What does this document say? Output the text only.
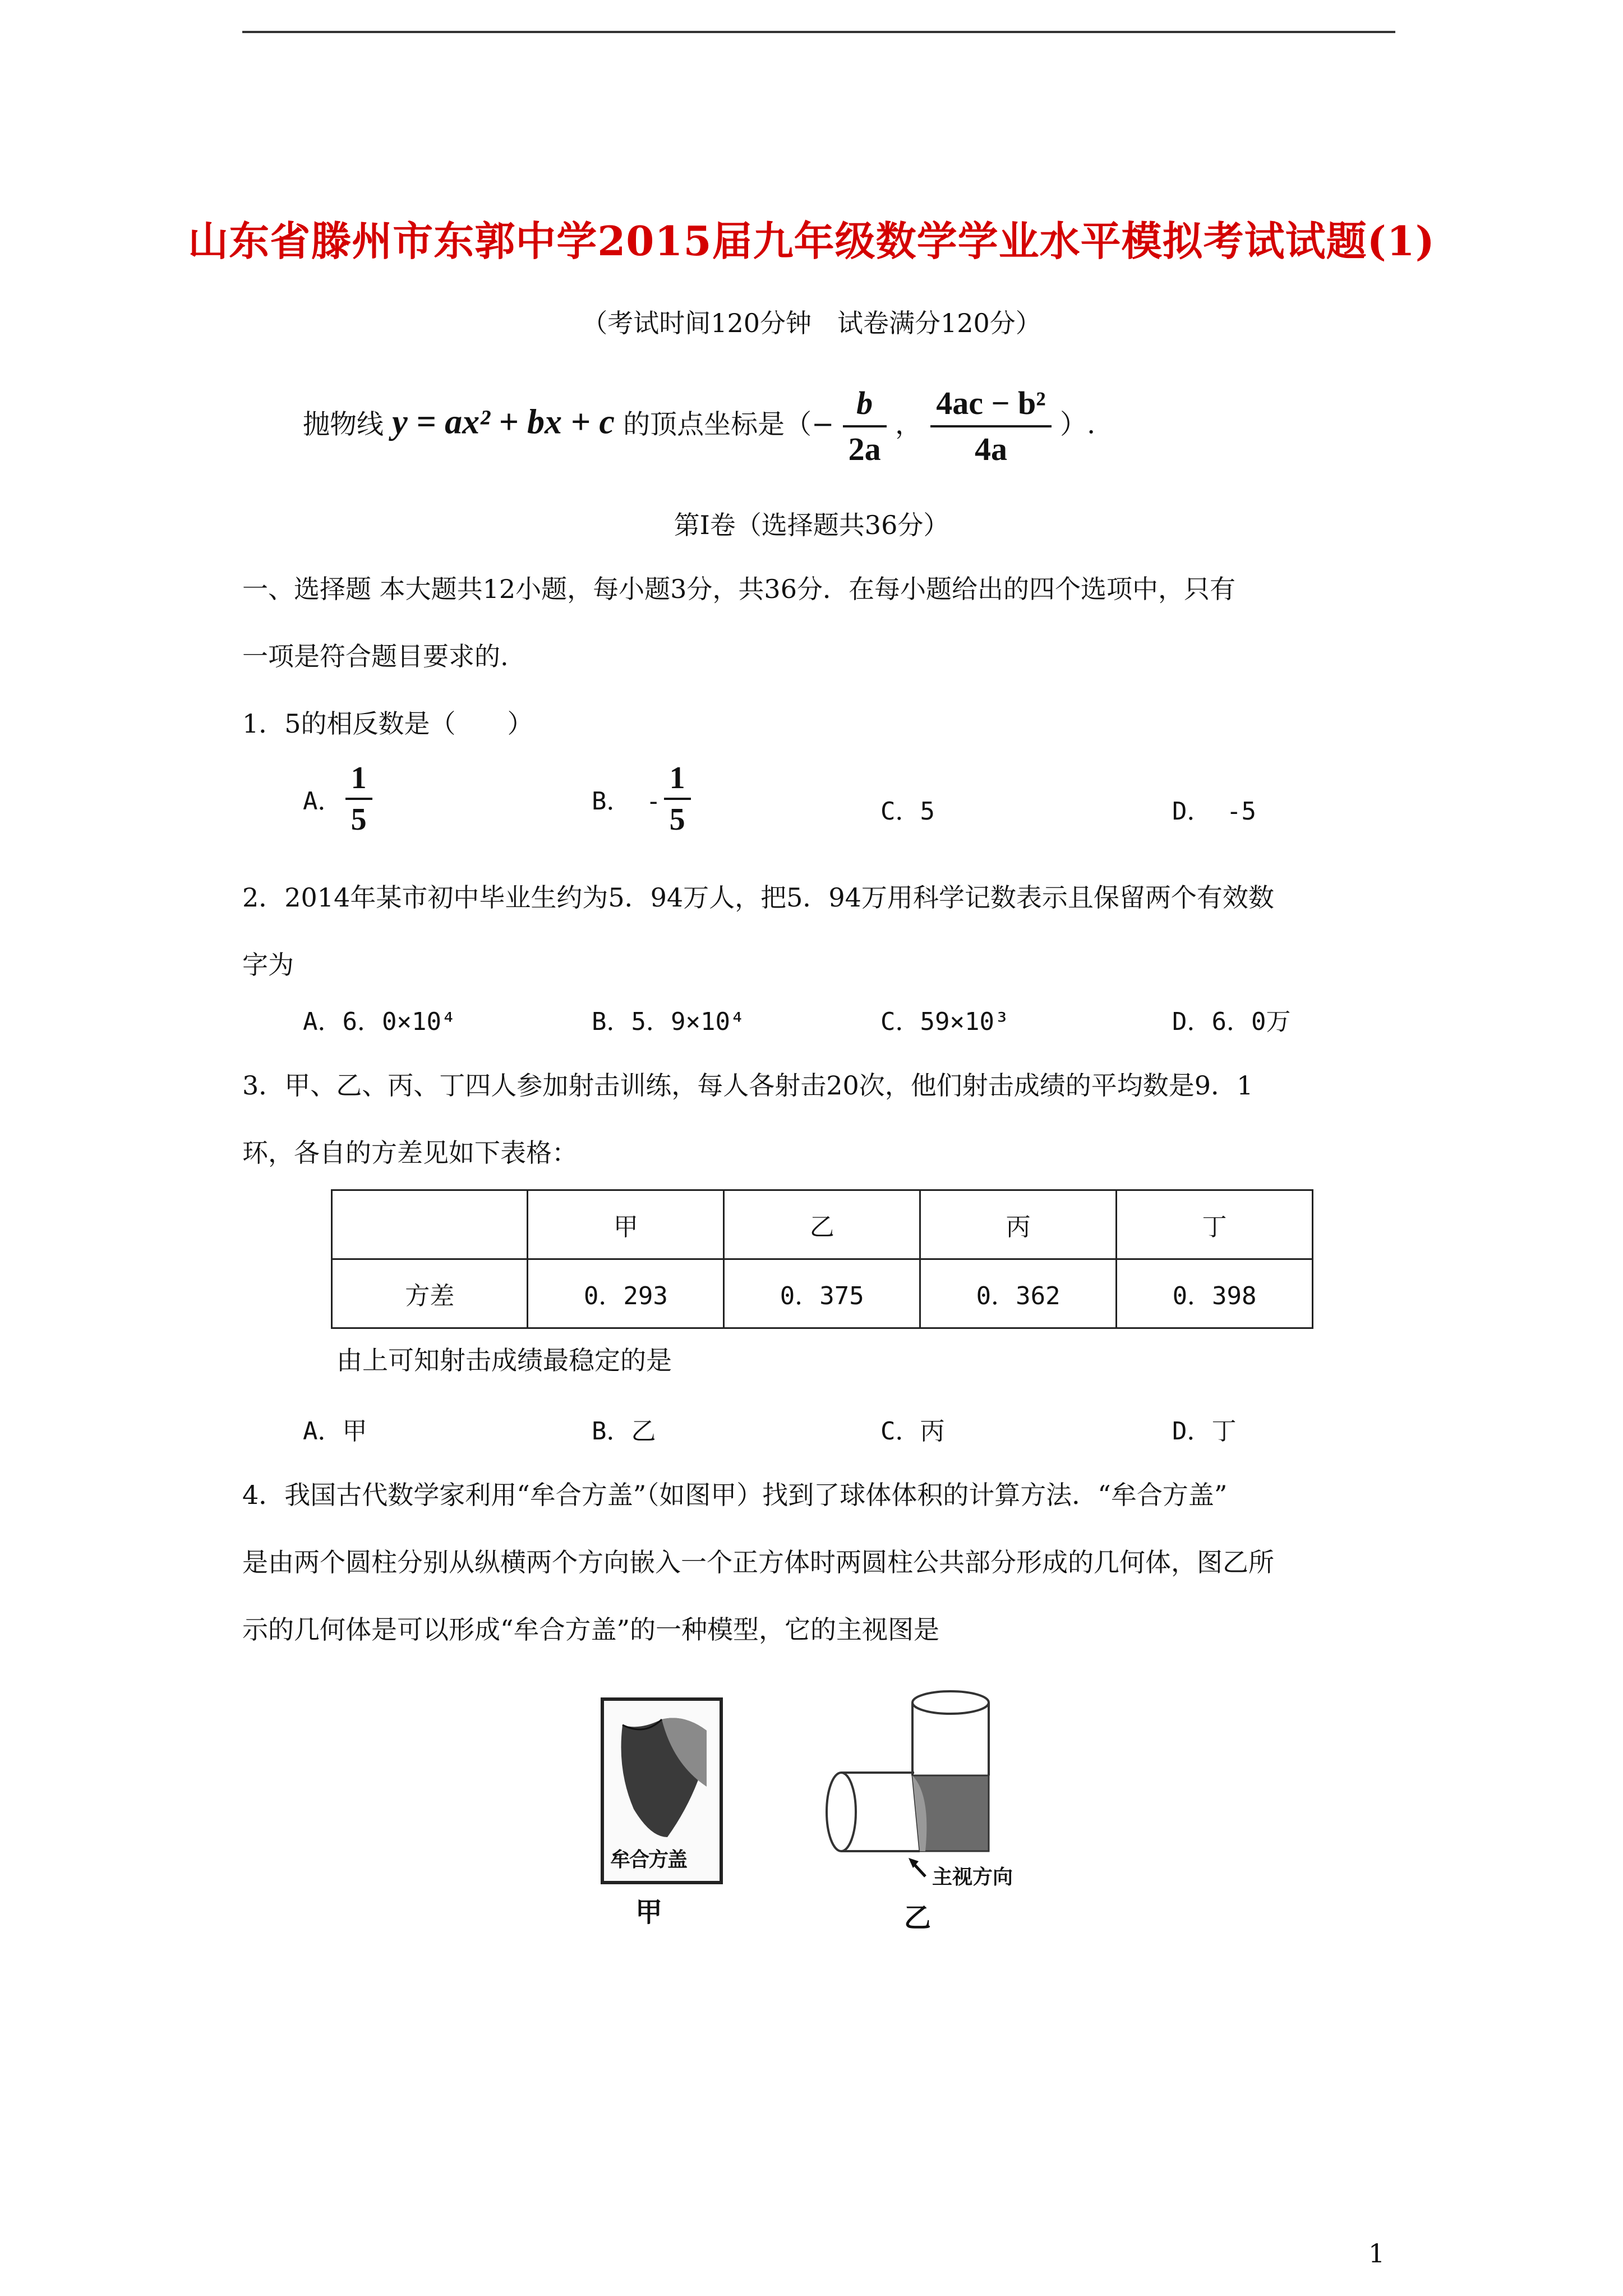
山东省滕州市东郭中学2015届九年级数学学业水平模拟考试试题(1)
（考试时间120分钟　试卷满分120分）
抛物线 y = ax² + bx + c 的顶点坐标是（− $\frac{b}{2a}$ ， $\frac{\text{4ac − b²}}{4a}$ ）.
第Ⅰ卷（选择题共36分）
一、选择题 本大题共12小题，每小题3分，共36分．在每小题给出的四个选项中，只有
一项是符合题目要求的.
1．5的相反数是（　　）
A． $\frac{1}{5}$	B． - $\frac{1}{5}$	C．5	D． -5
2．2014年某市初中毕业生约为5．94万人，把5．94万用科学记数表示且保留两个有效数
字为
A．6．0×10⁴	B．5．9×10⁴	C．59×10³	D．6．0万
3．甲、乙、丙、丁四人参加射击训练，每人各射击20次，他们射击成绩的平均数是9．1
环，各自的方差见如下表格：
	甲	乙	丙	丁
方差	0．293	0．375	0．362	0．398
由上可知射击成绩最稳定的是
A．甲	B．乙	C．丙	D．丁
4．我国古代数学家利用“牟合方盖”（如图甲）找到了球体体积的计算方法．“牟合方盖”
是由两个圆柱分别从纵横两个方向嵌入一个正方体时两圆柱公共部分形成的几何体，图乙所
示的几何体是可以形成“牟合方盖”的一种模型，它的主视图是
牟合方盖
甲
主视方向
乙
1
